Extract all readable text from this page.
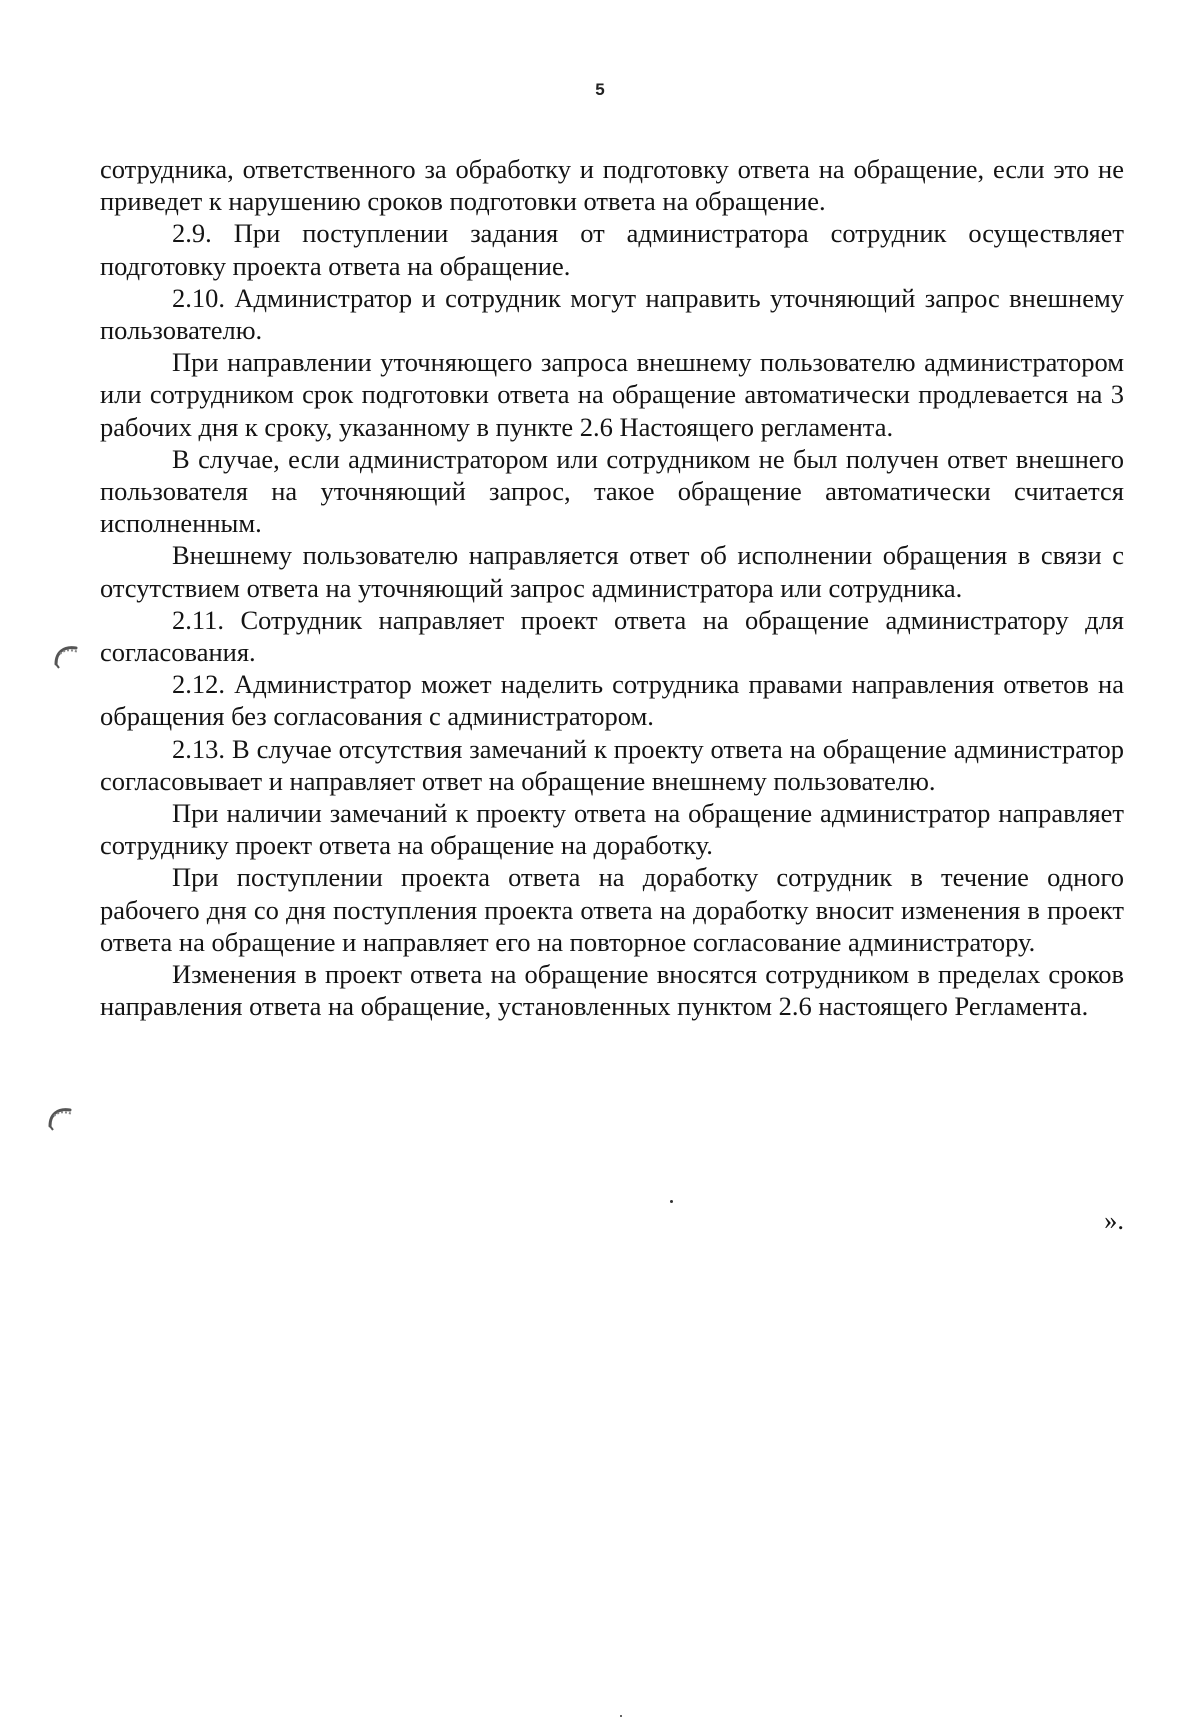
5

сотрудника, ответственного за обработку и подготовку ответа на обращение, если это не приведет к нарушению сроков подготовки ответа на обращение.

2.9. При поступлении задания от администратора сотрудник осуществляет подготовку проекта ответа на обращение.

2.10. Администратор и сотрудник могут направить уточняющий запрос внешнему пользователю.

При направлении уточняющего запроса внешнему пользователю администратором или сотрудником срок подготовки ответа на обращение автоматически продлевается на 3 рабочих дня к сроку, указанному в пункте 2.6 Настоящего регламента.

В случае, если администратором или сотрудником не был получен ответ внешнего пользователя на уточняющий запрос, такое обращение автоматически считается исполненным.

Внешнему пользователю направляется ответ об исполнении обращения в связи с отсутствием ответа на уточняющий запрос администратора или сотрудника.

2.11. Сотрудник направляет проект ответа на обращение администратору для согласования.

2.12. Администратор может наделить сотрудника правами направления ответов на обращения без согласования с администратором.

2.13. В случае отсутствия замечаний к проекту ответа на обращение администратор согласовывает и направляет ответ на обращение внешнему пользователю.

При наличии замечаний к проекту ответа на обращение администратор направляет сотруднику проект ответа на обращение на доработку.

При поступлении проекта ответа на доработку сотрудник в течение одного рабочего дня со дня поступления проекта ответа на доработку вносит изменения в проект ответа на обращение и направляет его на повторное согласование администратору.

Изменения в проект ответа на обращение вносятся сотрудником в пределах сроков направления ответа на обращение, установленных пунктом 2.6 настоящего Регламента.

».
